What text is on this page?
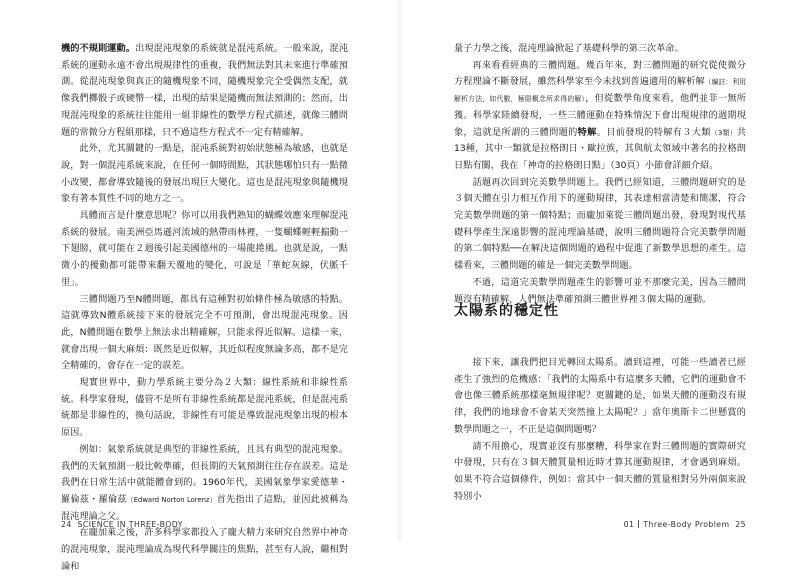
機的不規則運動。出現混沌現象的系統就是混沌系統。一般來說，混沌系統的運動永遠不會出現規律性的重複，我們無法對其未來進行準確預測。從混沌現象與真正的隨機現象不同，隨機現象完全受偶然支配，就像我們擲骰子或硬幣一樣，出現的結果是隨機而無法預測的；然而，出現混沌現象的系統往往能用一組非線性的數學方程式描述，就像三體問題的常微分方程組那樣，只不過這些方程式不一定有精確解。

此外，尤其關鍵的一點是，混沌系統對初始狀態極為敏感，也就是說，對一個混沌系統來說，在任何一個時間點，其狀態哪怕只有一點微小改變，都會導致隨後的發展出現巨大變化。這也是混沌現象與隨機現象有著本質性不同的地方之一。

具體而言是什麼意思呢？你可以用我們熟知的蝴蝶效應來理解混沌系統的發展。南美洲亞馬遜河流域的熱帶雨林裡，一隻蝴蝶輕輕搧動一下翅膀，就可能在２週後引起美國德州的一場龍捲風。也就是說，一點微小的擾動都可能帶來翻天覆地的變化，可說是「華蛇灰線，伏脈千里」。

三體問題乃至N體問題，都具有這種對初始條件極為敏感的特點。這就導致N體系統接下來的發展完全不可預測，會出現混沌現象。因此，N體問題在數學上無法求出精確解，只能求得近似解。這樣一來，就會出現一個大麻煩：既然是近似解，其近似程度無論多高，都不是完全精確的，會存在一定的誤差。

現實世界中，動力學系統主要分為２大類：線性系統和非線性系統。科學家發現，儘管不是所有非線性系統都是混沌系統，但是混沌系統都是非線性的，換句話說，非線性有可能是導致混沌現象出現的根本原因。

例如：氣象系統就是典型的非線性系統，且具有典型的混沌現象。我們的天氣預測一般比較準確，但長期的天氣預測往往存在誤差。這是我們在日常生活中就能體會到的。1960年代，美國氣象學家愛德華・羅倫茲・羅倫茲（Edward Norton Lorenz）首先指出了這點，並因此被稱為混沌理論之父。

在龐加萊之後，許多科學家都投入了龐大精力來研究自然界中神奇的混沌現象，混沌理論成為現代科學關注的焦點，甚至有人說，繼相對論和

24 SCIENCE IN THREE-BODY

量子力學之後，混沌理論掀起了基礎科學的第三次革命。

再來看看經典的三體問題。幾百年來，對三體問題的研究從使微分方程理論不斷發展，雖然科學家至今未找到普遍適用的解析解（編註：利用解析方法，如代數，極限概念所求得的解），但從數學角度來看，他們並非一無所獲。科學家陸續發現，一些三體運動在特殊情況下會出現規律的週期現象，這就是所謂的三體問題的特解。目前發現的特解有３大類（3類）共13種，其中一類就是拉格朗日・歐拉族，其與航太領域中著名的拉格朗日點有關，我在「神奇的拉格朗日點」（30頁）小節會詳細介紹。

話題再次回到完美數學問題上。我們已經知道，三體問題研究的是３個天體在引力相互作用下的運動規律，其表達相當清楚和簡潔，符合完美數學問題的第一個特點；而龐加萊從三體問題出發，發現對現代基礎科學產生深遠影響的混沌理論基礎，說明三體問題符合完美數學問題的第二個特點──在解決這個問題的過程中促進了新數學思想的產生。這樣看來，三體問題的確是一個完美數學問題。

不過，這道完美數學問題產生的影響可並不那麼完美，因為三體問題沒有精確解，人們無法準確預測三體世界裡３個太陽的運動。

太陽系的穩定性

接下來，讓我們把目光轉回太陽系。讀到這裡，可能一些讀者已經產生了強烈的危機感：「我們的太陽系中有這麼多天體，它們的運動會不會也像三體系統那樣毫無規律呢？更關鍵的是，如果天體的運動沒有規律，我們的地球會不會某天突然撞上太陽呢？」當年奧斯卡二世懸賞的數學問題之一，不正是這個問題嗎？

請不用擔心，現實並沒有那麼糟，科學家在對三體問題的實際研究中發現，只有在３個天體質量相近時才算其運動規律，才會遇到麻煩。如果不符合這個條件，例如：當其中一個天體的質量相對另外兩個來說特別小

01 Three-Body Problem 25
